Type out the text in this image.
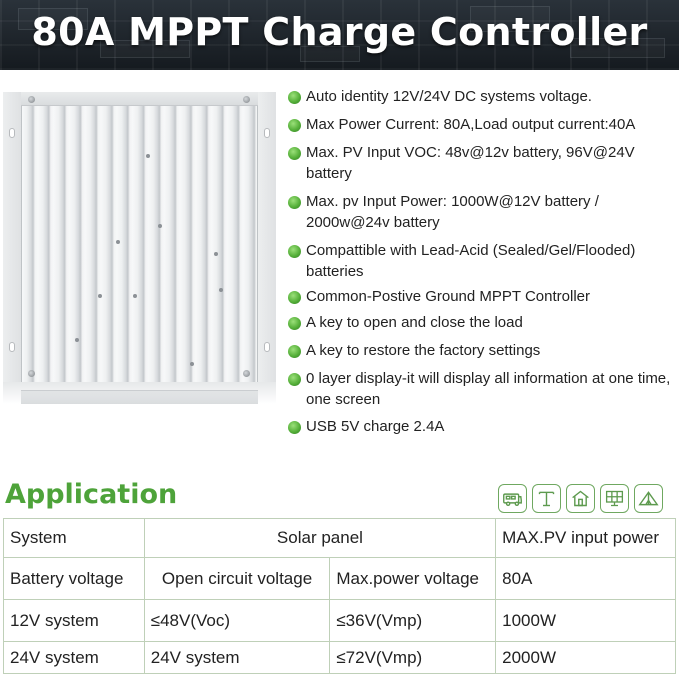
80A MPPT Charge Controller
Auto identity 12V/24V DC systems voltage.
Max Power Current: 80A,Load output current:40A
Max. PV Input VOC: 48v@12v battery, 96V@24V battery
Max. pv Input Power: 1000W@12V battery / 2000w@24v battery
Compattible with Lead-Acid (Sealed/Gel/Flooded) batteries
Common-Postive Ground MPPT Controller
A key to open and close the load
A key to restore the factory settings
0 layer display-it will display all information at one time, one screen
USB 5V charge 2.4A
Application
System	Solar panel		MAX.PV input power
Battery voltage	Open circuit voltage	Max.power voltage	80A
12V system	≤48V(Voc)	≤36V(Vmp)	1000W
24V system	24V system	≤72V(Vmp)	2000W
